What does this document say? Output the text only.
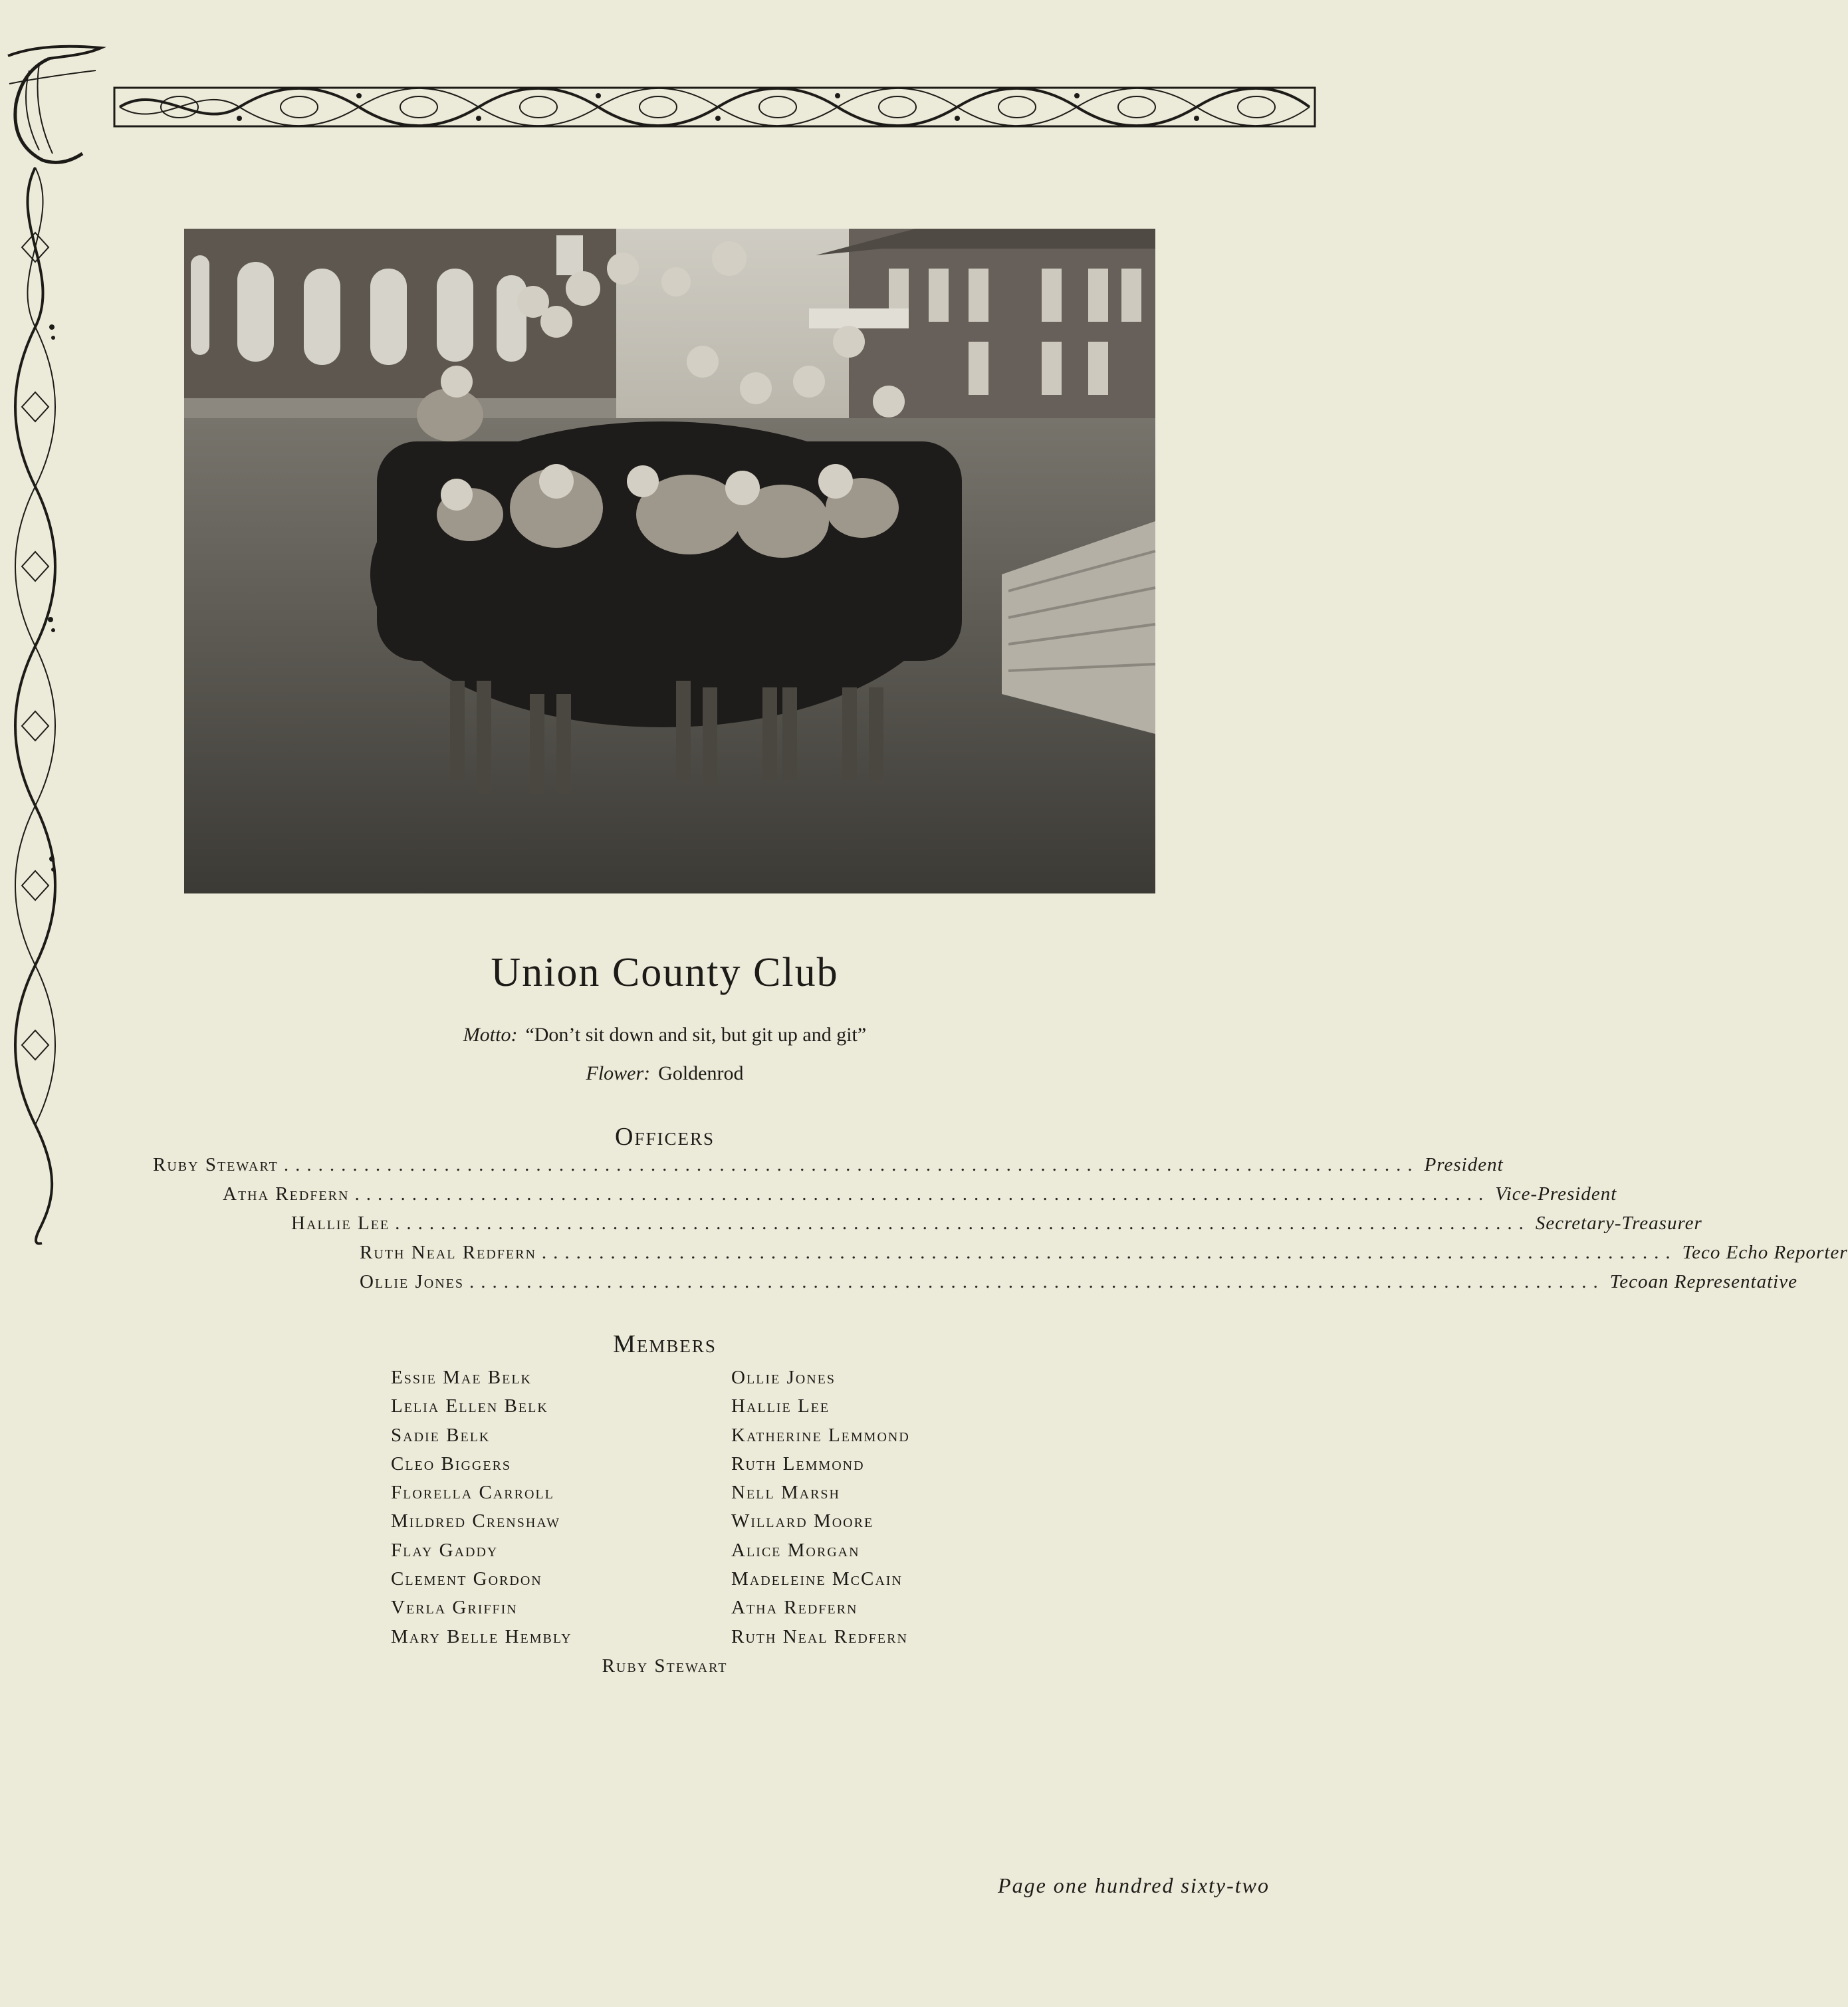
Union County Club
Motto: “Don’t sit down and sit, but git up and git”
Flower: Goldenrod
Officers
Ruby Stewart ................................................................................................... President
Atha Redfern ................................................................................................... Vice-President
Hallie Lee ................................................................................................... Secretary-Treasurer
Ruth Neal Redfern ................................................................................................... Teco Echo Reporter
Ollie Jones ................................................................................................... Tecoan Representative
Members
Essie Mae Belk
Lelia Ellen Belk
Sadie Belk
Cleo Biggers
Florella Carroll
Mildred Crenshaw
Flay Gaddy
Clement Gordon
Verla Griffin
Mary Belle Hembly
Ollie Jones
Hallie Lee
Katherine Lemmond
Ruth Lemmond
Nell Marsh
Willard Moore
Alice Morgan
Madeleine McCain
Atha Redfern
Ruth Neal Redfern
Ruby Stewart
Page one hundred sixty-two
